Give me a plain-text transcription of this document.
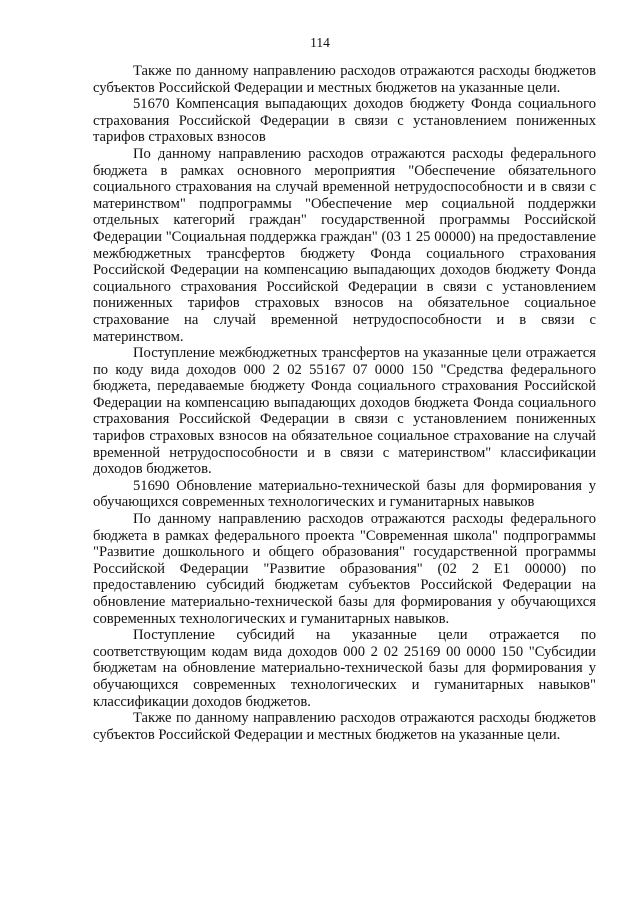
114

Также по данному направлению расходов отражаются расходы бюджетов субъектов Российской Федерации и местных бюджетов на указанные цели.

51670 Компенсация выпадающих доходов бюджету Фонда социального страхования Российской Федерации в связи с установлением пониженных тарифов страховых взносов

По данному направлению расходов отражаются расходы федерального бюджета в рамках основного мероприятия "Обеспечение обязательного социального страхования на случай временной нетрудоспособности и в связи с материнством" подпрограммы "Обеспечение мер социальной поддержки отдельных категорий граждан" государственной программы Российской Федерации "Социальная поддержка граждан" (03 1 25 00000) на предоставление межбюджетных трансфертов бюджету Фонда социального страхования Российской Федерации на компенсацию выпадающих доходов бюджету Фонда социального страхования Российской Федерации в связи с установлением пониженных тарифов страховых взносов на обязательное социальное страхование на случай временной нетрудоспособности и в связи с материнством.

Поступление межбюджетных трансфертов на указанные цели отражается по коду вида доходов 000 2 02 55167 07 0000 150 "Средства федерального бюджета, передаваемые бюджету Фонда социального страхования Российской Федерации на компенсацию выпадающих доходов бюджета Фонда социального страхования Российской Федерации в связи с установлением пониженных тарифов страховых взносов на обязательное социальное страхование на случай временной нетрудоспособности и в связи с материнством" классификации доходов бюджетов.

51690 Обновление материально-технической базы для формирования у обучающихся современных технологических и гуманитарных навыков

По данному направлению расходов отражаются расходы федерального бюджета в рамках федерального проекта "Современная школа" подпрограммы "Развитие дошкольного и общего образования" государственной программы Российской Федерации "Развитие образования" (02 2 E1 00000) по предоставлению субсидий бюджетам субъектов Российской Федерации на обновление материально-технической базы для формирования у обучающихся современных технологических и гуманитарных навыков.

Поступление субсидий на указанные цели отражается по соответствующим кодам вида доходов 000 2 02 25169 00 0000 150 "Субсидии бюджетам на обновление материально-технической базы для формирования у обучающихся современных технологических и гуманитарных навыков" классификации доходов бюджетов.

Также по данному направлению расходов отражаются расходы бюджетов субъектов Российской Федерации и местных бюджетов на указанные цели.
